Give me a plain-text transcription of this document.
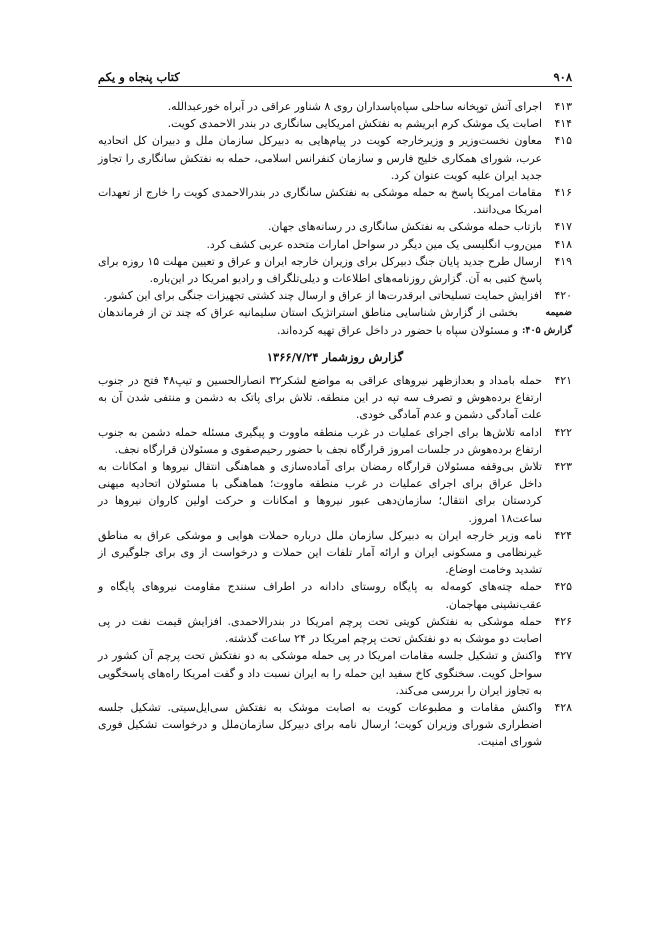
۹۰۸
کتاب پنجاه و یکم
۴۱۳
اجرای آتش توپخانه ساحلی سپاه‌پاسداران روی ۸ شناور عراقی در آبراه خورعبدالله.
۴۱۴
اصابت یک موشک کرم ابریشم به نفتکش امریکایی سانگاری در بندر الاحمدی کویت.
۴۱۵
معاون نخست‌وزیر و وزیرخارجه کویت در پیام‌هایی به دبیرکل سازمان ملل و دبیران کل اتحادیه عرب، شورای همکاری خلیج فارس و سازمان کنفرانس اسلامی، حمله به نفتکش سانگاری را تجاوز جدید ایران علیه کویت عنوان کرد.
۴۱۶
مقامات امریکا پاسخ به حمله موشکی به نفتکش سانگاری در بندرالاحمدی کویت را خارج از تعهدات امریکا می‌دانند.
۴۱۷
بازتاب حمله موشکی به نفتکش سانگاری در رسانه‌های جهان.
۴۱۸
مین‌روب انگلیسی یک مین دیگر در سواحل امارات متحده عربی کشف کرد.
۴۱۹
ارسال طرح جدید پایان جنگ دبیرکل برای وزیران خارجه ایران و عراق و تعیین مهلت ۱۵ روزه برای پاسخ کتبی به آن. گزارش روزنامه‌های اطلاعات و دیلی‌تلگراف و رادیو امریکا در این‌باره.
۴۲۰
افزایش حمایت تسلیحاتی ابرقدرت‌ها از عراق و ارسال چند کشتی تجهیزات جنگی برای این کشور.
ضمیمه گزارش ۴۰۵:
بخشی از گزارش شناسایی مناطق استراتژیک استان سلیمانیه عراق که چند تن از فرماندهان و مسئولان سپاه با حضور در داخل عراق تهیه کرده‌اند.
گزارش روزشمار ۱۳۶۶/۷/۲۴
۴۲۱
حمله بامداد و بعدازظهر نیروهای عراقی به مواضع لشکر۳۲ انصارالحسین و تیپ۴۸ فتح در جنوب ارتفاع بردەهوش و تصرف سه تپه در این منطقه. تلاش برای پاتک به دشمن و منتفی شدن آن به علت آمادگی دشمن و عدم آمادگی خودی.
۴۲۲
ادامه تلاش‌ها برای اجرای عملیات در غرب منطقه ماووت و پیگیری مسئله حمله دشمن به جنوب ارتفاع بردەهوش در جلسات امروز قرارگاه نجف با حضور رحیم‌صفوی و مسئولان قرارگاه نجف.
۴۲۳
تلاش بی‌وقفه مسئولان قرارگاه رمضان برای آماده‌سازی و هماهنگی انتقال نیروها و امکانات به داخل عراق برای اجرای عملیات در غرب منطقه ماووت؛ هماهنگی با مسئولان اتحادیه میهنی کردستان برای انتقال؛ سازمان‌دهی عبور نیروها و امکانات و حرکت اولین کاروان نیروها در ساعت۱۸ امروز.
۴۲۴
نامه وزیر خارجه ایران به دبیرکل سازمان ملل درباره حملات هوایی و موشکی عراق به مناطق غیرنظامی و مسکونی ایران و ارائه آمار تلفات این حملات و درخواست از وی برای جلوگیری از تشدید وخامت اوضاع.
۴۲۵
حمله چته‌های کومەله به پایگاه روستای دادانه در اطراف سنندج مقاومت نیروهای پایگاه و عقب‌نشینی مهاجمان.
۴۲۶
حمله موشکی به نفتکش کویتی تحت پرچم امریکا در بندرالاحمدی. افزایش قیمت نفت در پی اصابت دو موشک به دو نفتکش تحت پرچم امریکا در ۲۴ ساعت گذشته.
۴۲۷
واکنش و تشکیل جلسه مقامات امریکا در پی حمله موشکی به دو نفتکش تحت پرچم آن کشور در سواحل کویت. سخنگوی کاخ سفید این حمله را به ایران نسبت داد و گفت امریکا راه‌های پاسخگویی به تجاوز ایران را بررسی می‌کند.
۴۲۸
واکنش مقامات و مطبوعات کویت به اصابت موشک به نفتکش سی‌ایل‌سیتی. تشکیل جلسه اضطراری شورای وزیران کویت؛ ارسال نامه برای دبیرکل سازمان‌ملل و درخواست تشکیل فوری شورای امنیت.
